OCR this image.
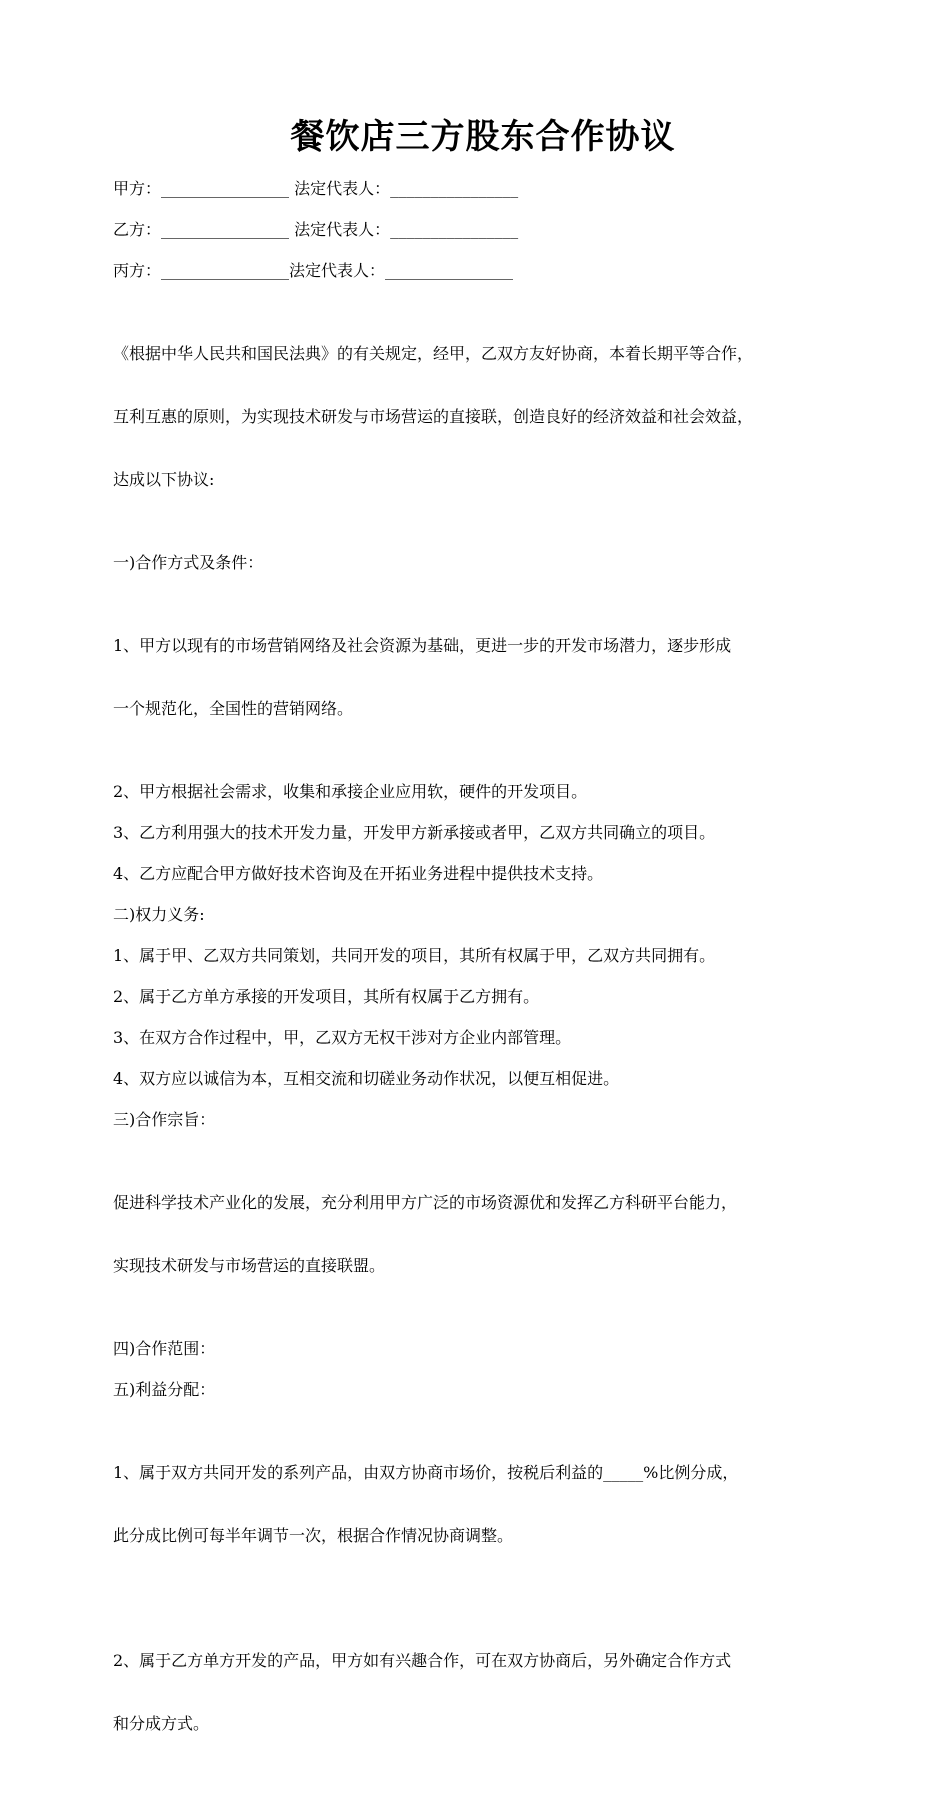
餐饮店三方股东合作协议
甲方：________________ 法定代表人：________________
乙方：________________ 法定代表人：________________
丙方：________________法定代表人：________________

《根据中华人民共和国民法典》的有关规定，经甲，乙双方友好协商，本着长期平等合作，

互利互惠的原则，为实现技术研发与市场营运的直接联，创造良好的经济效益和社会效益，

达成以下协议:

一)合作方式及条件：

1、甲方以现有的市场营销网络及社会资源为基础，更进一步的开发市场潜力，逐步形成

一个规范化，全国性的营销网络。

2、甲方根据社会需求，收集和承接企业应用软，硬件的开发项目。
3、乙方利用强大的技术开发力量，开发甲方新承接或者甲，乙双方共同确立的项目。
4、乙方应配合甲方做好技术咨询及在开拓业务进程中提供技术支持。
二)权力义务:
1、属于甲、乙双方共同策划，共同开发的项目，其所有权属于甲，乙双方共同拥有。
2、属于乙方单方承接的开发项目，其所有权属于乙方拥有。
3、在双方合作过程中，甲，乙双方无权干涉对方企业内部管理。
4、双方应以诚信为本，互相交流和切磋业务动作状况，以便互相促进。
三)合作宗旨：

促进科学技术产业化的发展，充分利用甲方广泛的市场资源优和发挥乙方科研平台能力，

实现技术研发与市场营运的直接联盟。

四)合作范围：
五)利益分配：

1、属于双方共同开发的系列产品，由双方协商市场价，按税后利益的_____%比例分成，

此分成比例可每半年调节一次，根据合作情况协商调整。

2、属于乙方单方开发的产品，甲方如有兴趣合作，可在双方协商后，另外确定合作方式

和分成方式。
